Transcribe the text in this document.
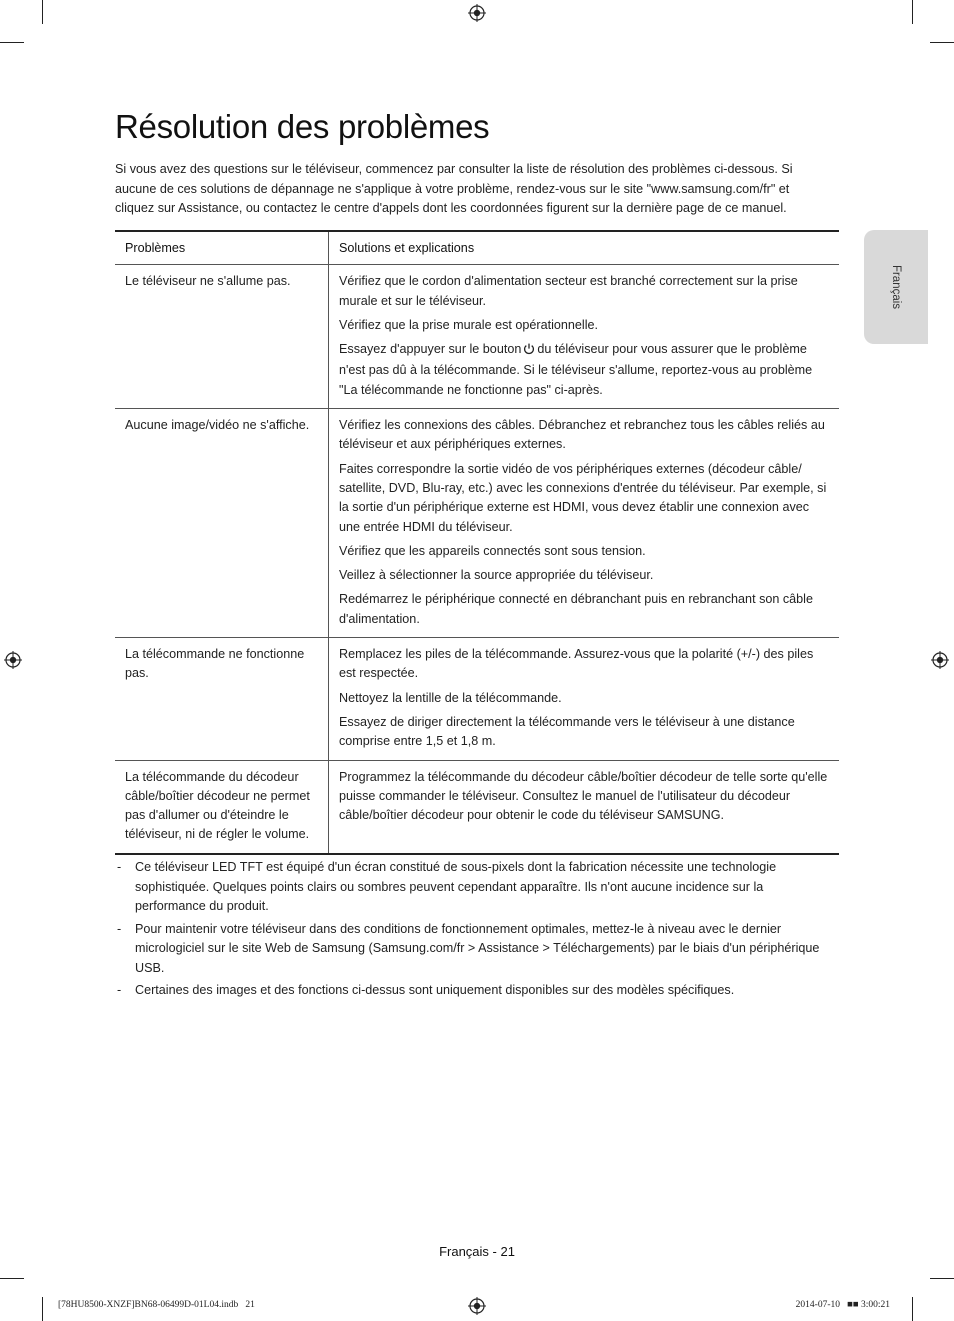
Résolution des problèmes

Si vous avez des questions sur le téléviseur, commencez par consulter la liste de résolution des problèmes ci-dessous. Si aucune de ces solutions de dépannage ne s'applique à votre problème, rendez-vous sur le site "www.samsung.com/fr" et cliquez sur Assistance, ou contactez le centre d'appels dont les coordonnées figurent sur la dernière page de ce manuel.

Français
Problèmes	Solutions et explications
Le téléviseur ne s'allume pas.	Vérifiez que le cordon d'alimentation secteur est branché correctement sur la prise murale et sur le téléviseur.

Vérifiez que la prise murale est opérationnelle.

Essayez d'appuyer sur le bouton du téléviseur pour vous assurer que le problème n'est pas dû à la télécommande. Si le téléviseur s'allume, reportez-vous au problème "La télécommande ne fonctionne pas" ci-après.

Aucune image/vidéo ne s'affiche.	Vérifiez les connexions des câbles. Débranchez et rebranchez tous les câbles reliés au téléviseur et aux périphériques externes.

Faites correspondre la sortie vidéo de vos périphériques externes (décodeur câble/ satellite, DVD, Blu-ray, etc.) avec les connexions d'entrée du téléviseur. Par exemple, si la sortie d'un périphérique externe est HDMI, vous devez établir une connexion avec une entrée HDMI du téléviseur.

Vérifiez que les appareils connectés sont sous tension.

Veillez à sélectionner la source appropriée du téléviseur.

Redémarrez le périphérique connecté en débranchant puis en rebranchant son câble d'alimentation.

La télécommande ne fonctionne pas.	Remplacez les piles de la télécommande. Assurez-vous que la polarité (+/-) des piles est respectée.

Nettoyez la lentille de la télécommande.

Essayez de diriger directement la télécommande vers le téléviseur à une distance comprise entre 1,5 et 1,8 m.

La télécommande du décodeur câble/boîtier décodeur ne permet pas d'allumer ou d'éteindre le téléviseur, ni de régler le volume.	Programmez la télécommande du décodeur câble/boîtier décodeur de telle sorte qu'elle puisse commander le téléviseur. Consultez le manuel de l'utilisateur du décodeur câble/boîtier décodeur pour obtenir le code du téléviseur SAMSUNG.

- Ce téléviseur LED TFT est équipé d'un écran constitué de sous-pixels dont la fabrication nécessite une technologie sophistiquée. Quelques points clairs ou sombres peuvent cependant apparaître. Ils n'ont aucune incidence sur la performance du produit.
- Pour maintenir votre téléviseur dans des conditions de fonctionnement optimales, mettez-le à niveau avec le dernier micrologiciel sur le site Web de Samsung (Samsung.com/fr > Assistance > Téléchargements) par le biais d'un périphérique USB.
- Certaines des images et des fonctions ci-dessus sont uniquement disponibles sur des modèles spécifiques.
Français - 21
[78HU8500-XNZF]BN68-06499D-01L04.indb   21	2014-07-10   ■■ 3:00:21
